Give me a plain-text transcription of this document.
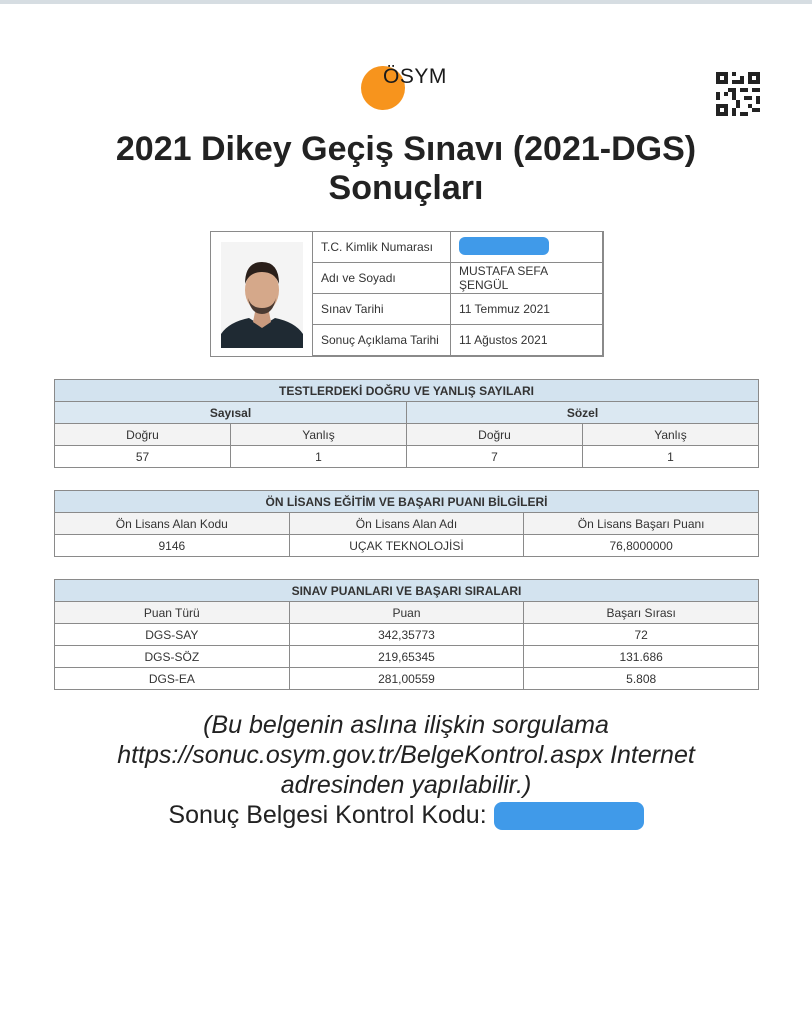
ÖSYM
2021 Dikey Geçiş Sınavı (2021-DGS)
Sonuçları
T.C. Kimlik Numarası	
Adı ve Soyadı	MUSTAFA SEFA ŞENGÜL
Sınav Tarihi	11 Temmuz 2021
Sonuç Açıklama Tarihi	11 Ağustos 2021
TESTLERDEKİ DOĞRU VE YANLIŞ SAYILARI			
Sayısal		Sözel	
Doğru	Yanlış	Doğru	Yanlış
57	1	7	1
ÖN LİSANS EĞİTİM VE BAŞARI PUANI BİLGİLERİ		
Ön Lisans Alan Kodu	Ön Lisans Alan Adı	Ön Lisans Başarı Puanı
9146	UÇAK TEKNOLOJİSİ	76,8000000
SINAV PUANLARI VE BAŞARI SIRALARI		
Puan Türü	Puan	Başarı Sırası
DGS-SAY	342,35773	72
DGS-SÖZ	219,65345	131.686
DGS-EA	281,00559	5.808
(Bu belgenin aslına ilişkin sorgulama
https://sonuc.osym.gov.tr/BelgeKontrol.aspx Internet
adresinden yapılabilir.)
Sonuç Belgesi Kontrol Kodu:
